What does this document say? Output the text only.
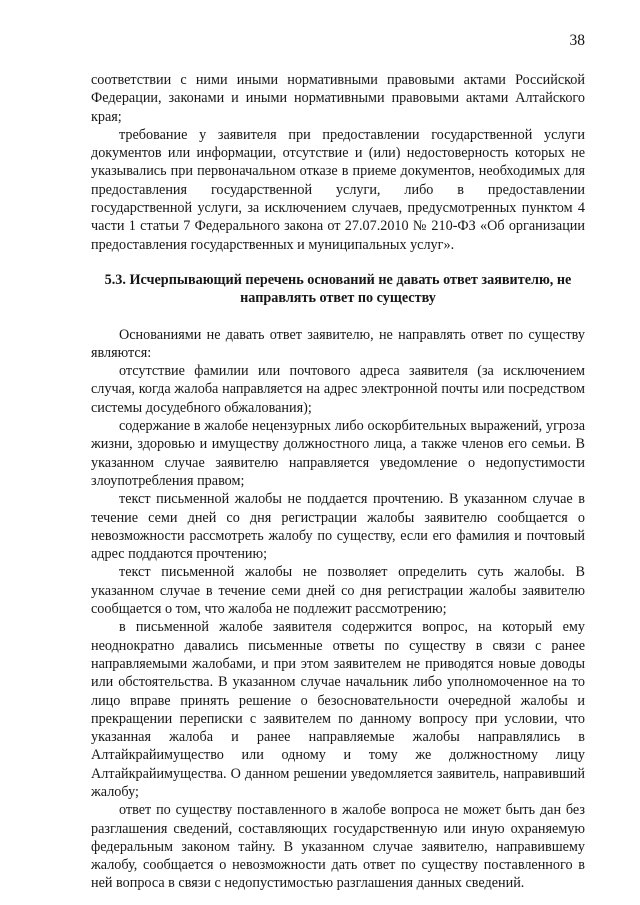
38

соответствии с ними иными нормативными правовыми актами Российской Федерации, законами и иными нормативными правовыми актами Алтайского края;

требование у заявителя при предоставлении государственной услуги документов или информации, отсутствие и (или) недостоверность которых не указывались при первоначальном отказе в приеме документов, необходимых для предоставления государственной услуги, либо в предоставлении государственной услуги, за исключением случаев, предусмотренных пунктом 4 части 1 статьи 7 Федерального закона от 27.07.2010 № 210-ФЗ «Об организации предоставления государственных и муниципальных услуг».

5.3. Исчерпывающий перечень оснований не давать ответ заявителю, не направлять ответ по существу

Основаниями не давать ответ заявителю, не направлять ответ по существу являются:

отсутствие фамилии или почтового адреса заявителя (за исключением случая, когда жалоба направляется на адрес электронной почты или посредством системы досудебного обжалования);

содержание в жалобе нецензурных либо оскорбительных выражений, угроза жизни, здоровью и имуществу должностного лица, а также членов его семьи. В указанном случае заявителю направляется уведомление о недопустимости злоупотребления правом;

текст письменной жалобы не поддается прочтению. В указанном случае в течение семи дней со дня регистрации жалобы заявителю сообщается о невозможности рассмотреть жалобу по существу, если его фамилия и почтовый адрес поддаются прочтению;

текст письменной жалобы не позволяет определить суть жалобы. В указанном случае в течение семи дней со дня регистрации жалобы заявителю сообщается о том, что жалоба не подлежит рассмотрению;

в письменной жалобе заявителя содержится вопрос, на который ему неоднократно давались письменные ответы по существу в связи с ранее направляемыми жалобами, и при этом заявителем не приводятся новые доводы или обстоятельства. В указанном случае начальник либо уполномоченное на то лицо вправе принять решение о безосновательности очередной жалобы и прекращении переписки с заявителем по данному вопросу при условии, что указанная жалоба и ранее направляемые жалобы направлялись в Алтайкрайимущество или одному и тому же должностному лицу Алтайкрайимущества. О данном решении уведомляется заявитель, направивший жалобу;

ответ по существу поставленного в жалобе вопроса не может быть дан без разглашения сведений, составляющих государственную или иную охраняемую федеральным законом тайну. В указанном случае заявителю, направившему жалобу, сообщается о невозможности дать ответ по существу поставленного в ней вопроса в связи с недопустимостью разглашения данных сведений.
